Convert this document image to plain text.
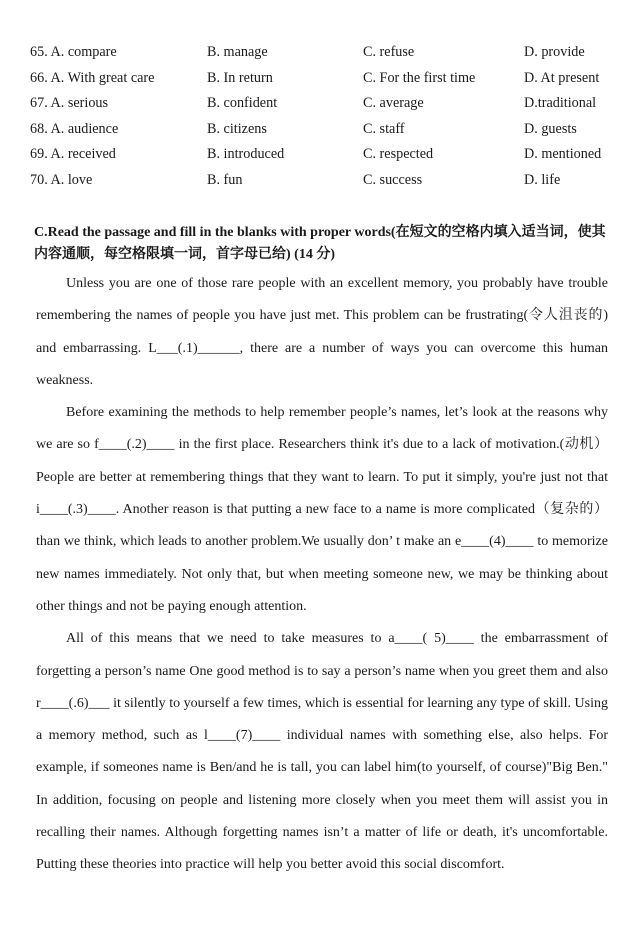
65. A. compare	B. manage	C. refuse	D. provide
66. A. With great care	B. In return	C. For the first time	D. At present
67. A. serious	B. confident	C. average	D.traditional
68. A. audience	B. citizens	C. staff	D. guests
69. A. received	B. introduced	C. respected	D. mentioned
70. A. love	B. fun	C. success	D. life
C.Read the passage and fill in the blanks with proper words(在短文的空格内填入适当词，使其内容通顺，每空格限填一词，首字母已给) (14 分)

Unless you are one of those rare people with an excellent memory, you probably have trouble remembering the names of people you have just met. This problem can be frustrating(令人沮丧的) and embarrassing. L___(.1)______, there are a number of ways you can overcome this human weakness.

Before examining the methods to help remember people’s names, let’s look at the reasons why we are so f____(.2)____ in the first place. Researchers think it's due to a lack of motivation.(动机） People are better at remembering things that they want to learn. To put it simply, you're just not that i____(.3)____. Another reason is that putting a new face to a name is more complicated（复杂的） than we think, which leads to another problem.We usually don’ t make an e____(4)____ to memorize new names immediately. Not only that, but when meeting someone new, we may be thinking about other things and not be paying enough attention.

All of this means that we need to take measures to a____( 5)____ the embarrassment of forgetting a person’s name One good method is to say a person’s name when you greet them and also r____(.6)___ it silently to yourself a few times, which is essential for learning any type of skill. Using a memory method, such as l____(7)____ individual names with something else, also helps. For example, if someones name is Ben/and he is tall, you can label him(to yourself, of course)"Big Ben." In addition, focusing on people and listening more closely when you meet them will assist you in recalling their names. Although forgetting names isn’t a matter of life or death, it's uncomfortable. Putting these theories into practice will help you better avoid this social discomfort.
